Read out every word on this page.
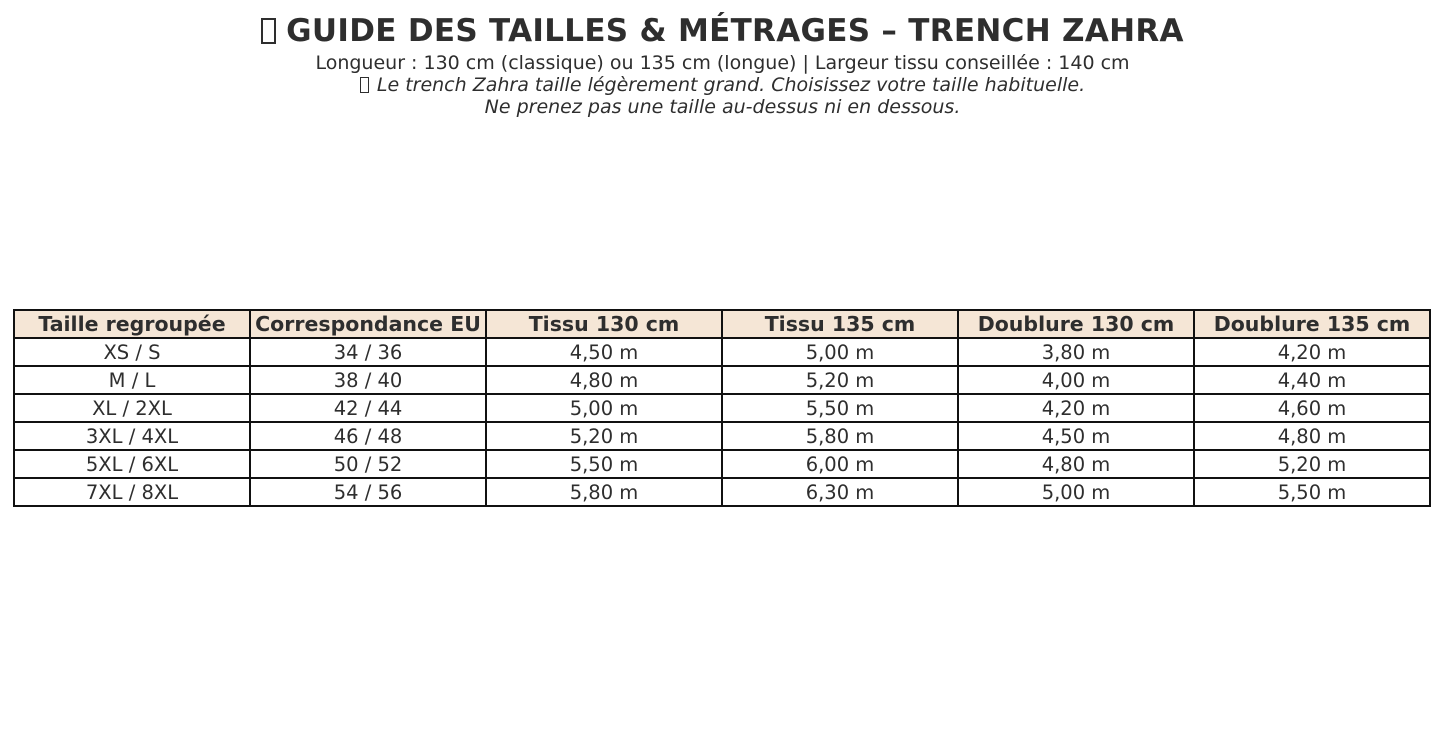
GUIDE DES TAILLES & MÉTRAGES – TRENCH ZAHRA

Longueur : 130 cm (classique) ou 135 cm (longue) | Largeur tissu conseillée : 140 cm

Le trench Zahra taille légèrement grand. Choisissez votre taille habituelle.

Ne prenez pas une taille au-dessus ni en dessous.

Taille regroupée	Correspondance EU	Tissu 130 cm	Tissu 135 cm	Doublure 130 cm	Doublure 135 cm
XS / S	34 / 36	4,50 m	5,00 m	3,80 m	4,20 m
M / L	38 / 40	4,80 m	5,20 m	4,00 m	4,40 m
XL / 2XL	42 / 44	5,00 m	5,50 m	4,20 m	4,60 m
3XL / 4XL	46 / 48	5,20 m	5,80 m	4,50 m	4,80 m
5XL / 6XL	50 / 52	5,50 m	6,00 m	4,80 m	5,20 m
7XL / 8XL	54 / 56	5,80 m	6,30 m	5,00 m	5,50 m
